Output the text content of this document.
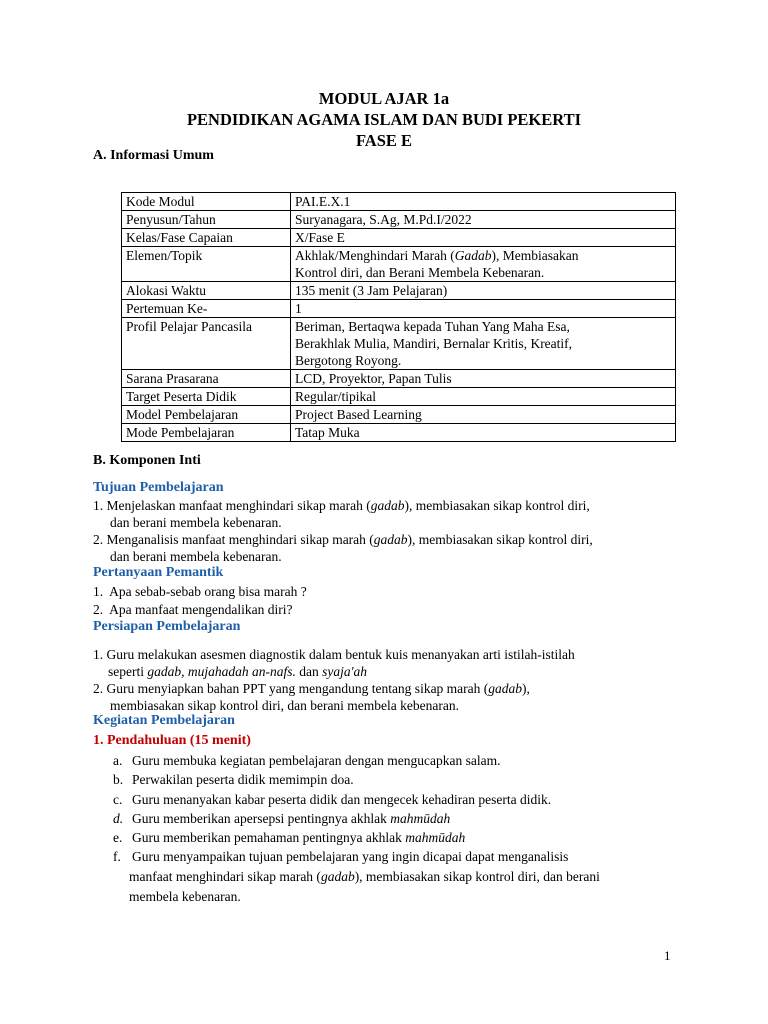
MODUL AJAR 1a
PENDIDIKAN AGAMA ISLAM DAN BUDI PEKERTI
FASE E
A. Informasi Umum
Kode Modul	PAI.E.X.1
Penyusun/Tahun	Suryanagara, S.Ag, M.Pd.I/2022
Kelas/Fase Capaian	X/Fase E
Elemen/Topik	Akhlak/Menghindari Marah (Gadab), Membiasakan
Kontrol diri, dan Berani Membela Kebenaran.
Alokasi Waktu	135 menit (3 Jam Pelajaran)
Pertemuan Ke-	1
Profil Pelajar Pancasila	Beriman, Bertaqwa kepada Tuhan Yang Maha Esa,
Berakhlak Mulia, Mandiri, Bernalar Kritis, Kreatif,
Bergotong Royong.
Sarana Prasarana	LCD, Proyektor, Papan Tulis
Target Peserta Didik	Regular/tipikal
Model Pembelajaran	Project Based Learning
Mode Pembelajaran	Tatap Muka
B. Komponen Inti
Tujuan Pembelajaran
1. Menjelaskan manfaat menghindari sikap marah (gadab), membiasakan sikap kontrol diri,
dan berani membela kebenaran.
2. Menganalisis manfaat menghindari sikap marah (gadab), membiasakan sikap kontrol diri,
dan berani membela kebenaran.
Pertanyaan Pemantik
1. Apa sebab-sebab orang bisa marah ?
2. Apa manfaat mengendalikan diri?
Persiapan Pembelajaran
1. Guru melakukan asesmen diagnostik dalam bentuk kuis menanyakan arti istilah-istilah
seperti gadab, mujahadah an-nafs. dan syaja'ah
2. Guru menyiapkan bahan PPT yang mengandung tentang sikap marah (gadab),
membiasakan sikap kontrol diri, dan berani membela kebenaran.
Kegiatan Pembelajaran
1. Pendahuluan (15 menit)
a. Guru membuka kegiatan pembelajaran dengan mengucapkan salam.
b. Perwakilan peserta didik memimpin doa.
c. Guru menanyakan kabar peserta didik dan mengecek kehadiran peserta didik.
d. Guru memberikan apersepsi pentingnya akhlak mahmūdah
e. Guru memberikan pemahaman pentingnya akhlak mahmūdah
f. Guru menyampaikan tujuan pembelajaran yang ingin dicapai dapat menganalisis
manfaat menghindari sikap marah (gadab), membiasakan sikap kontrol diri, dan berani
membela kebenaran.
1
